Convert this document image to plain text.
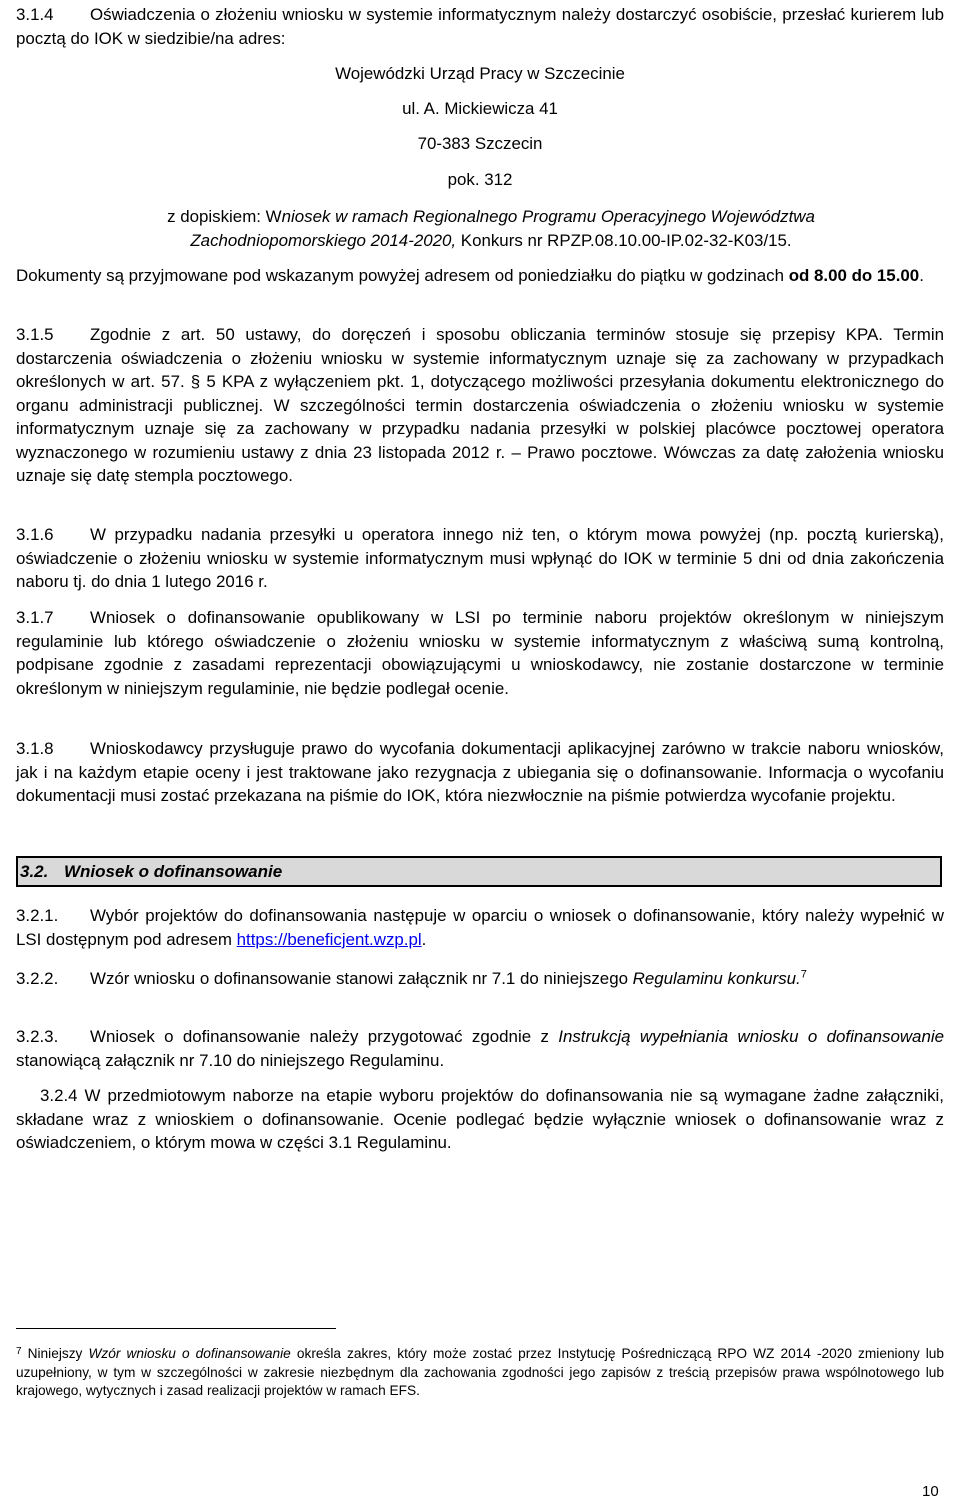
3.1.4 Oświadczenia o złożeniu wniosku w systemie informatycznym należy dostarczyć osobiście, przesłać kurierem lub pocztą do IOK w siedzibie/na adres:

Wojewódzki Urząd Pracy w Szczecinie

ul. A. Mickiewicza 41

70-383 Szczecin

pok. 312

z dopiskiem: Wniosek w ramach Regionalnego Programu Operacyjnego Województwa Zachodniopomorskiego 2014-2020, Konkurs nr RPZP.08.10.00-IP.02-32-K03/15.

Dokumenty są przyjmowane pod wskazanym powyżej adresem od poniedziałku do piątku w godzinach od 8.00 do 15.00.

3.1.5 Zgodnie z art. 50 ustawy, do doręczeń i sposobu obliczania terminów stosuje się przepisy KPA. Termin dostarczenia oświadczenia o złożeniu wniosku w systemie informatycznym uznaje się za zachowany w przypadkach określonych w art. 57. § 5 KPA z wyłączeniem pkt. 1, dotyczącego możliwości przesyłania dokumentu elektronicznego do organu administracji publicznej. W szczególności termin dostarczenia oświadczenia o złożeniu wniosku w systemie informatycznym uznaje się za zachowany w przypadku nadania przesyłki w polskiej placówce pocztowej operatora wyznaczonego w rozumieniu ustawy z dnia 23 listopada 2012 r. – Prawo pocztowe. Wówczas za datę założenia wniosku uznaje się datę stempla pocztowego.

3.1.6 W przypadku nadania przesyłki u operatora innego niż ten, o którym mowa powyżej (np. pocztą kurierską), oświadczenie o złożeniu wniosku w systemie informatycznym musi wpłynąć do IOK w terminie 5 dni od dnia zakończenia naboru tj. do dnia 1 lutego 2016 r.

3.1.7 Wniosek o dofinansowanie opublikowany w LSI po terminie naboru projektów określonym w niniejszym regulaminie lub którego oświadczenie o złożeniu wniosku w systemie informatycznym z właściwą sumą kontrolną, podpisane zgodnie z zasadami reprezentacji obowiązującymi u wnioskodawcy, nie zostanie dostarczone w terminie określonym w niniejszym regulaminie, nie będzie podlegał ocenie.

3.1.8 Wnioskodawcy przysługuje prawo do wycofania dokumentacji aplikacyjnej zarówno w trakcie naboru wniosków, jak i na każdym etapie oceny i jest traktowane jako rezygnacja z ubiegania się o dofinansowanie. Informacja o wycofaniu dokumentacji musi zostać przekazana na piśmie do IOK, która niezwłocznie na piśmie potwierdza wycofanie projektu.

3.2.1. Wybór projektów do dofinansowania następuje w oparciu o wniosek o dofinansowanie, który należy wypełnić w LSI dostępnym pod adresem https://beneficjent.wzp.pl.

3.2.2. Wzór wniosku o dofinansowanie stanowi załącznik nr 7.1 do niniejszego Regulaminu konkursu.$^7$

3.2.3. Wniosek o dofinansowanie należy przygotować zgodnie z Instrukcją wypełniania wniosku o dofinansowanie stanowiącą załącznik nr 7.10 do niniejszego Regulaminu.

3.2.4 W przedmiotowym naborze na etapie wyboru projektów do dofinansowania nie są wymagane żadne załączniki, składane wraz z wnioskiem o dofinansowanie. Ocenie podlegać będzie wyłącznie wniosek o dofinansowanie wraz z oświadczeniem, o którym mowa w części 3.1 Regulaminu.

3.2. Wniosek o dofinansowanie

$^7$ Niniejszy Wzór wniosku o dofinansowanie określa zakres, który może zostać przez Instytucję Pośredniczącą RPO WZ 2014 -2020 zmieniony lub uzupełniony, w tym w szczególności w zakresie niezbędnym dla zachowania zgodności jego zapisów z treścią przepisów prawa wspólnotowego lub krajowego, wytycznych i zasad realizacji projektów w ramach EFS.

10
